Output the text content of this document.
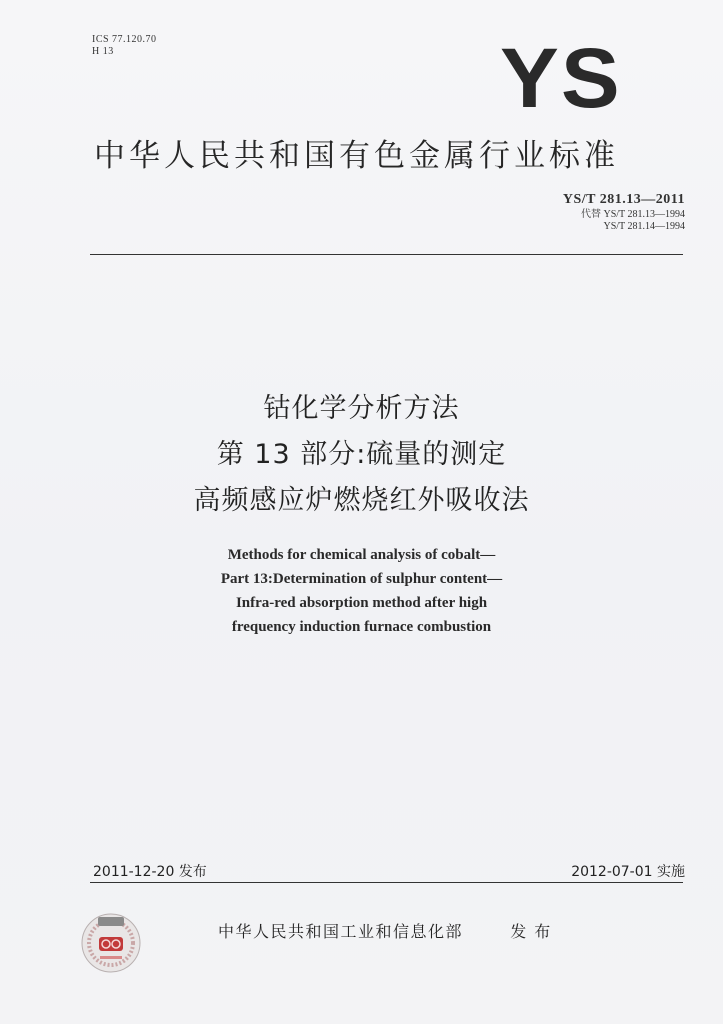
ICS 77.120.70
H 13	YS
中华人民共和国有色金属行业标准
YS/T 281.13—2011
代替 YS/T 281.13—1994
YS/T 281.14—1994
钴化学分析方法
第 13 部分:硫量的测定
高频感应炉燃烧红外吸收法
Methods for chemical analysis of cobalt—
Part 13:Determination of sulphur content—
Infra-red absorption method after high
frequency induction furnace combustion
2011-12-20 发布	2012-07-01 实施
中华人民共和国工业和信息化部	发 布
